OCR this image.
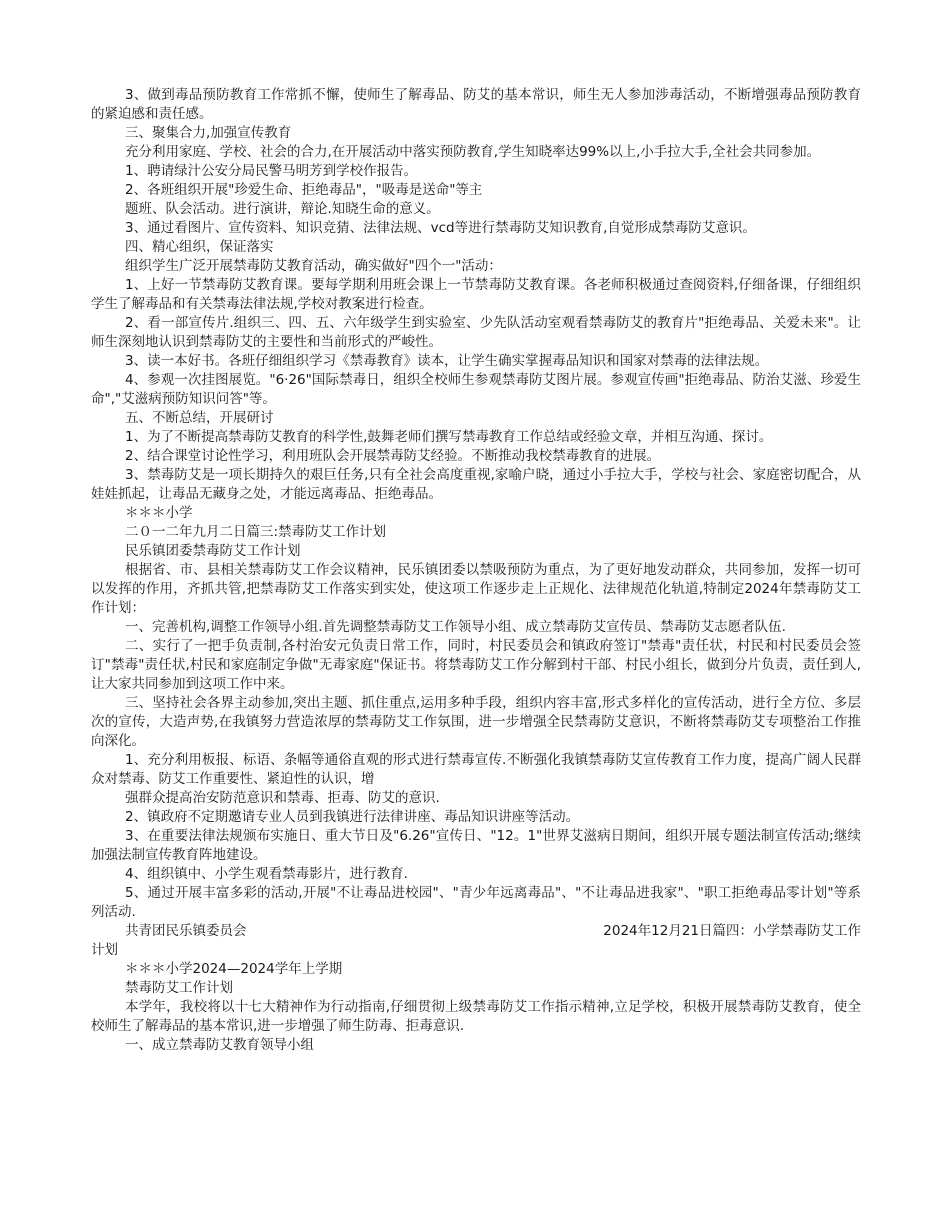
3、做到毒品预防教育工作常抓不懈，使师生了解毒品、防艾的基本常识，师生无人参加涉毒活动，不断增强毒品预防教育的紧迫感和责任感。

三、聚集合力,加强宣传教育

充分利用家庭、学校、社会的合力,在开展活动中落实预防教育,学生知晓率达99%以上,小手拉大手,全社会共同参加。

1、聘请绿汁公安分局民警马明芳到学校作报告。

2、各班组织开展"珍爱生命、拒绝毒品"，"吸毒是送命"等主

题班、队会活动。进行演讲，辩论.知晓生命的意义。

3、通过看图片、宣传资料、知识竞猜、法律法规、vcd等进行禁毒防艾知识教育,自觉形成禁毒防艾意识。

四、精心组织，保证落实

组织学生广泛开展禁毒防艾教育活动，确实做好"四个一"活动：

1、上好一节禁毒防艾教育课。要每学期利用班会课上一节禁毒防艾教育课。各老师积极通过查阅资料,仔细备课，仔细组织学生了解毒品和有关禁毒法律法规,学校对教案进行检查。

2、看一部宣传片.组织三、四、五、六年级学生到实验室、少先队活动室观看禁毒防艾的教育片"拒绝毒品、关爱未来"。让师生深刻地认识到禁毒防艾的主要性和当前形式的严峻性。

3、读一本好书。各班仔细组织学习《禁毒教育》读本，让学生确实掌握毒品知识和国家对禁毒的法律法规。

4、参观一次挂图展览。"6·26"国际禁毒日，组织全校师生参观禁毒防艾图片展。参观宣传画"拒绝毒品、防治艾滋、珍爱生命","艾滋病预防知识问答"等。

五、不断总结，开展研讨

1、为了不断提高禁毒防艾教育的科学性,鼓舞老师们撰写禁毒教育工作总结或经验文章，并相互沟通、探讨。

2、结合课堂讨论性学习，利用班队会开展禁毒防艾经验。不断推动我校禁毒教育的进展。

3、禁毒防艾是一项长期持久的艰巨任务,只有全社会高度重视,家喻户晓，通过小手拉大手，学校与社会、家庭密切配合，从娃娃抓起，让毒品无藏身之处，才能远离毒品、拒绝毒品。

＊＊＊小学

二０一二年九月二日篇三:禁毒防艾工作计划

民乐镇团委禁毒防艾工作计划

根据省、市、县相关禁毒防艾工作会议精神，民乐镇团委以禁吸预防为重点，为了更好地发动群众，共同参加，发挥一切可以发挥的作用，齐抓共管,把禁毒防艾工作落实到实处，使这项工作逐步走上正规化、法律规范化轨道,特制定2024年禁毒防艾工作计划：

一、完善机构,调整工作领导小组.首先调整禁毒防艾工作领导小组、成立禁毒防艾宣传员、禁毒防艾志愿者队伍.

二、实行了一把手负责制,各村治安元负责日常工作，同时，村民委员会和镇政府签订"禁毒"责任状，村民和村民委员会签订"禁毒"责任状,村民和家庭制定争做"无毒家庭"保证书。将禁毒防艾工作分解到村干部、村民小组长，做到分片负责，责任到人,让大家共同参加到这项工作中来。

三、坚持社会各界主动参加,突出主题、抓住重点,运用多种手段，组织内容丰富,形式多样化的宣传活动，进行全方位、多层次的宣传，大造声势,在我镇努力营造浓厚的禁毒防艾工作氛围，进一步增强全民禁毒防艾意识，不断将禁毒防艾专项整治工作推向深化。

1、充分利用板报、标语、条幅等通俗直观的形式进行禁毒宣传.不断强化我镇禁毒防艾宣传教育工作力度，提高广阔人民群众对禁毒、防艾工作重要性、紧迫性的认识，增

强群众提高治安防范意识和禁毒、拒毒、防艾的意识.

2、镇政府不定期邀请专业人员到我镇进行法律讲座、毒品知识讲座等活动。

3、在重要法律法规颁布实施日、重大节日及"6.26"宣传日、"12。1"世界艾滋病日期间，组织开展专题法制宣传活动;继续加强法制宣传教育阵地建设。

4、组织镇中、小学生观看禁毒影片，进行教育.

5、通过开展丰富多彩的活动,开展"不让毒品进校园"、"青少年远离毒品"、"不让毒品进我家"、"职工拒绝毒品零计划"等系列活动.

共青团民乐镇委员会	2024年12月21日篇四：小学禁毒防艾工作

计划

＊＊＊小学2024—2024学年上学期

禁毒防艾工作计划

本学年，我校将以十七大精神作为行动指南,仔细贯彻上级禁毒防艾工作指示精神,立足学校，积极开展禁毒防艾教育，使全校师生了解毒品的基本常识,进一步增强了师生防毒、拒毒意识.

一、成立禁毒防艾教育领导小组
